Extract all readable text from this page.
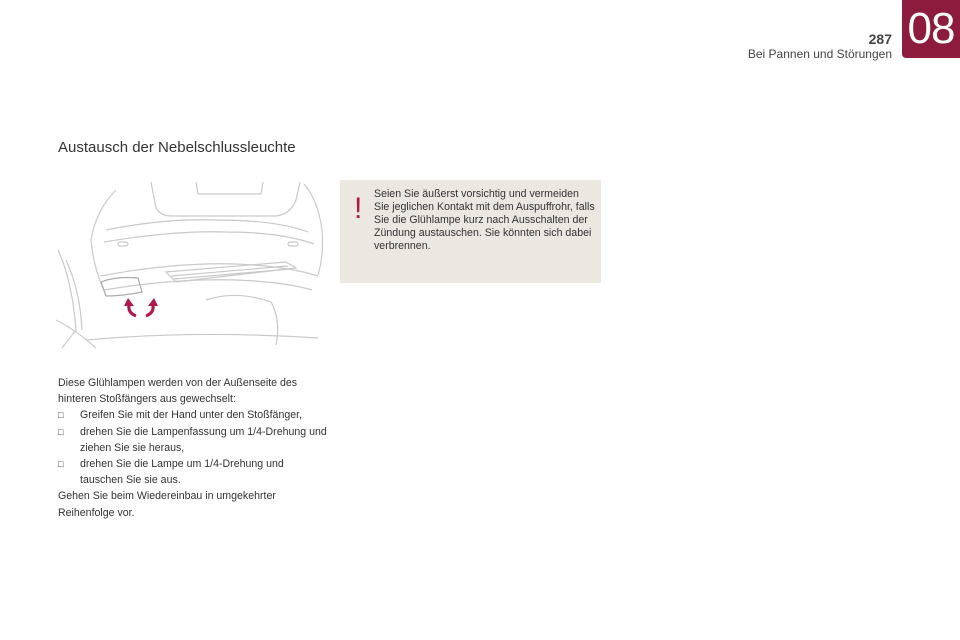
287
Bei Pannen und Störungen
08
Austausch der Nebelschlussleuchte
! Seien Sie äußerst vorsichtig und vermeiden Sie jeglichen Kontakt mit dem Auspuffrohr, falls Sie die Glühlampe kurz nach Ausschalten der Zündung austauschen. Sie könnten sich dabei verbrennen.

Diese Glühlampen werden von der Außenseite des hinteren Stoßfängers aus gewechselt:

□ Greifen Sie mit der Hand unter den Stoßfänger,
□ drehen Sie die Lampenfassung um 1/4-Drehung und ziehen Sie sie heraus,
□ drehen Sie die Lampe um 1/4-Drehung und tauschen Sie sie aus.

Gehen Sie beim Wiedereinbau in umgekehrter Reihenfolge vor.
